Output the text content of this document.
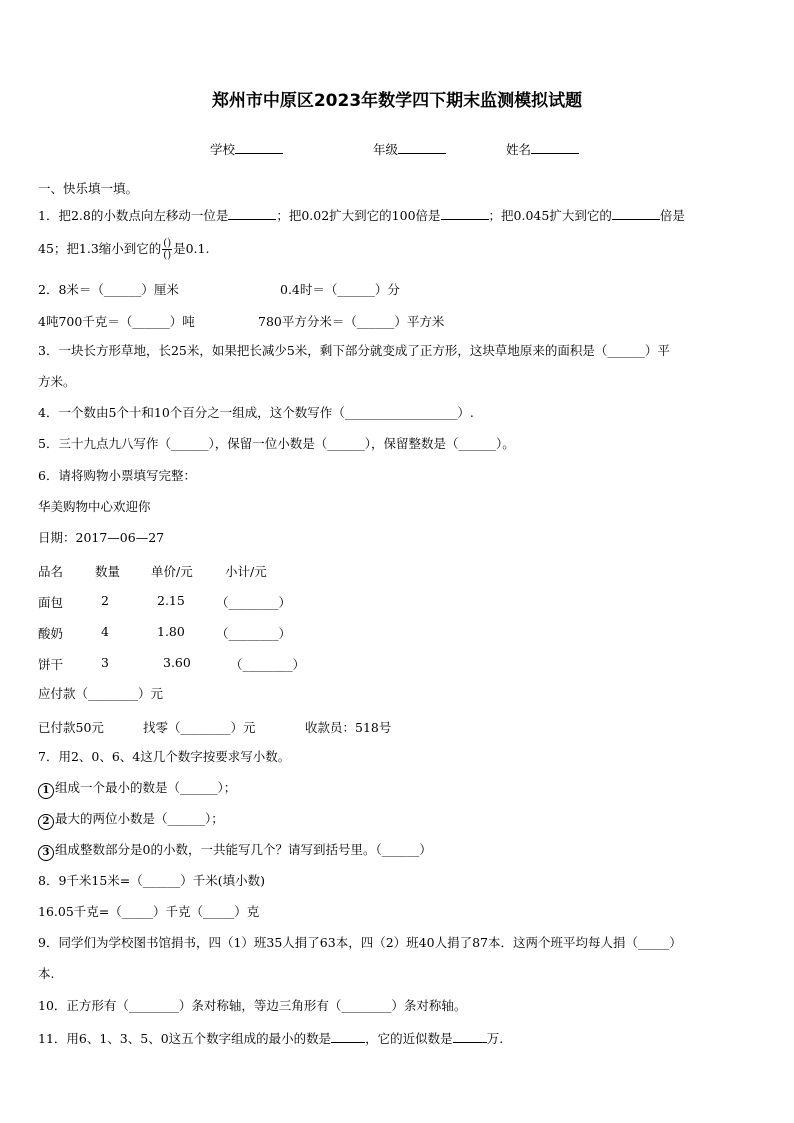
郑州市中原区2023年数学四下期末监测模拟试题
学校	年级	姓名
一、快乐填一填。
1．把2.8的小数点向左移动一位是	；把0.02扩大到它的100倍是	；把0.045扩大到它的	倍是
45；把1.3缩小到它的 $\frac{()}{()}$ 是0.1.
2．8米＝（______）厘米	0.4时＝（______）分
4吨700千克＝（______）吨	780平方分米＝（______）平方米
3．一块长方形草地，长25米，如果把长减少5米，剩下部分就变成了正方形，这块草地原来的面积是（______）平
方米。
4．一个数由5个十和10个百分之一组成，这个数写作（__________________）.
5．三十九点九八写作（______），保留一位小数是（______），保留整数是（______）。
6．请将购物小票填写完整：
华美购物中心欢迎你
日期：2017—06—27
品名	数量 单价/元	小计/元
面包	2	2.15 （________）
酸奶	4	1.80 （________）
饼干	3	3.60	（________）
应付款（________）元
已付款50元	找零（________）元	收款员：518号
7．用2、0、6、4这几个数字按要求写小数。
1 组成一个最小的数是（______）；
2 最大的两位小数是（______）；
3 组成整数部分是0的小数，一共能写几个？请写到括号里。（______）
8．9千米15米=（______）千米(填小数)
16.05千克=（_____）千克（_____）克
9．同学们为学校图书馆捐书，四（1）班35人捐了63本，四（2）班40人捐了87本．这两个班平均每人捐（_____）
本.
10．正方形有（________）条对称轴，等边三角形有（________）条对称轴。
11．用6、1、3、5、0这五个数字组成的最小的数是	，它的近似数是	万.
